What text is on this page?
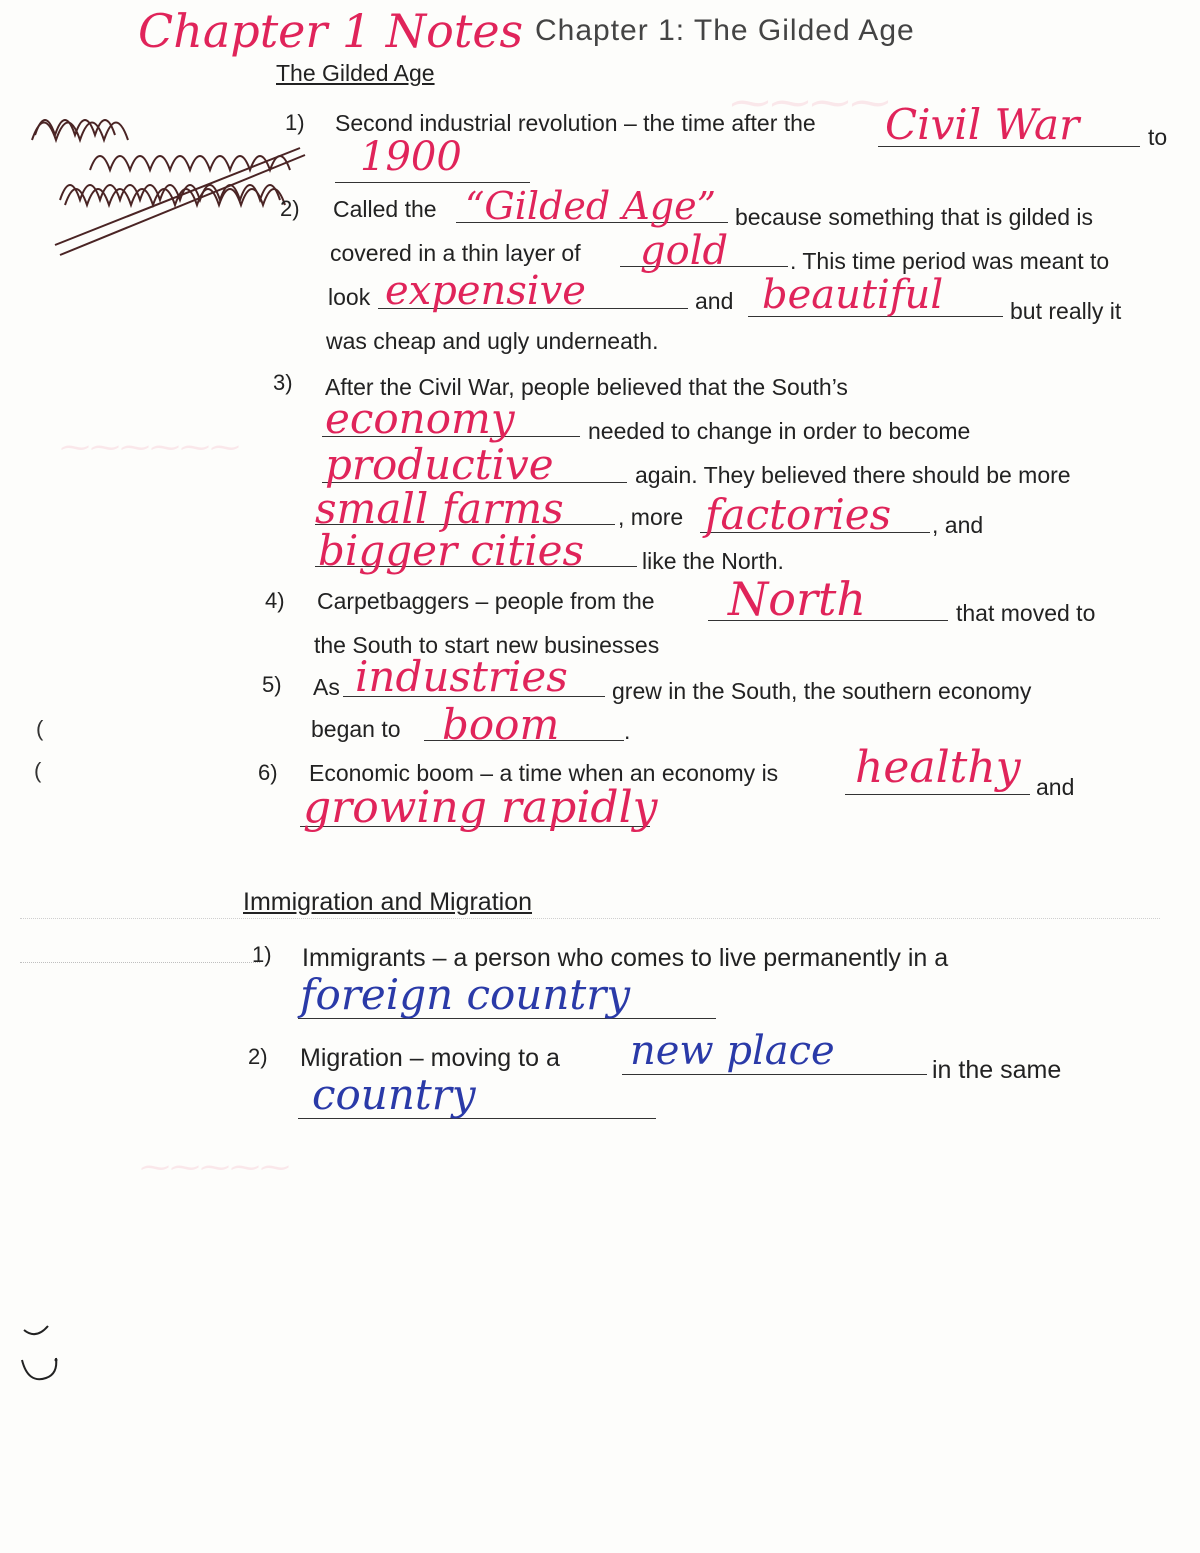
⁓⁓⁓⁓
⁓⁓⁓⁓⁓⁓
⁓⁓⁓⁓⁓
Chapter 1 Notes Chapter 1: The Gilded Age
The Gilded Age
1) Second industrial revolution – the time after the Civil War	to
1900
2) Called the “Gilded Age” because something that is gilded is
covered in a thin layer of gold	. This time period was meant to
look expensive	and beautiful	but really it
was cheap and ugly underneath.
3) After the Civil War, people believed that the South’s
economy	needed to change in order to become
productive	again. They believed there should be more
small farms , more factories , and
bigger cities	like the North.
4) Carpetbaggers – people from the North	that moved to
the South to start new businesses
5) As industries grew in the South, the southern economy
began to boom	.
6) Economic boom – a time when an economy is healthy and
growing rapidly
Immigration and Migration
1) Immigrants – a person who comes to live permanently in a
foreign country
2) Migration – moving to a new place	in the same
country
(
(
